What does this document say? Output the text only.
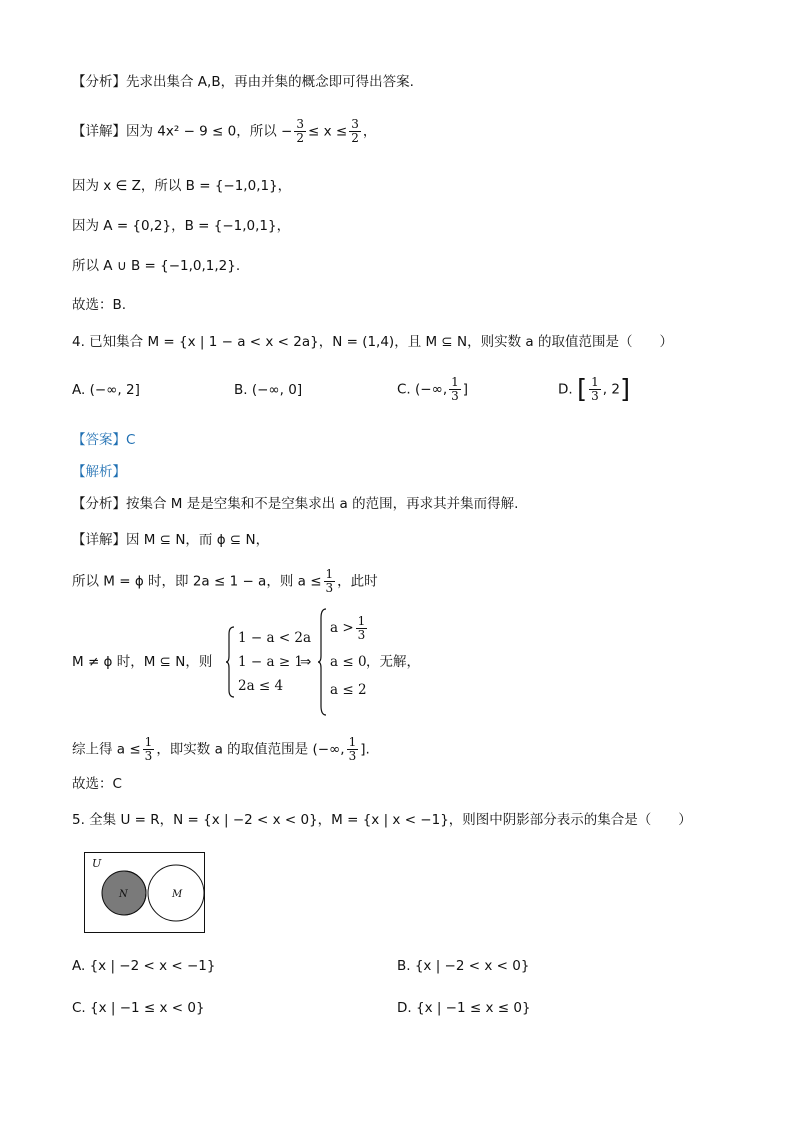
【分析】先求出集合 A,B，再由并集的概念即可得出答案.
【详解】因为 4x² − 9 ≤ 0，所以 − $\frac{3}{2} \le x \le \frac{3}{2}$ ，
因为 x ∈ Z，所以 B = {−1,0,1}，
因为 A = {0,2}，B = {−1,0,1}，
所以 A ∪ B = {−1,0,1,2}.
故选：B.
4. 已知集合 M = {x | 1 − a < x < 2a}，N = (1,4)，且 M ⊆ N，则实数 a 的取值范围是（　　）
A. (−∞, 2]	B. (−∞, 0]	C. (−∞, $\frac{1}{3}$ ]	D. [ $\frac{1}{3}$ , 2]
【答案】C
【解析】
【分析】按集合 M 是是空集和不是空集求出 a 的范围，再求其并集而得解.
【详解】因 M ⊆ N，而 ϕ ⊆ N，
所以 M = ϕ 时，即 2a ≤ 1 − a，则 $a \le \frac{1}{3}$ ，此时
M ≠ ϕ 时，M ⊆ N，则
1 − a < 2a
1 − a ≥ 1
2a ≤ 4
⇒
$a > \frac{1}{3}$
a ≤ 0
a ≤ 2
，无解，
综上得 $a \le \frac{1}{3}$ ，即实数 a 的取值范围是 (−∞, $\frac{1}{3}$ ].
故选：C
5. 全集 U = R，N = {x | −2 < x < 0}，M = {x | x < −1}，则图中阴影部分表示的集合是（　　）
U
N	M
A. {x | −2 < x < −1}	B. {x | −2 < x < 0}
C. {x | −1 ≤ x < 0}	D. {x | −1 ≤ x ≤ 0}
